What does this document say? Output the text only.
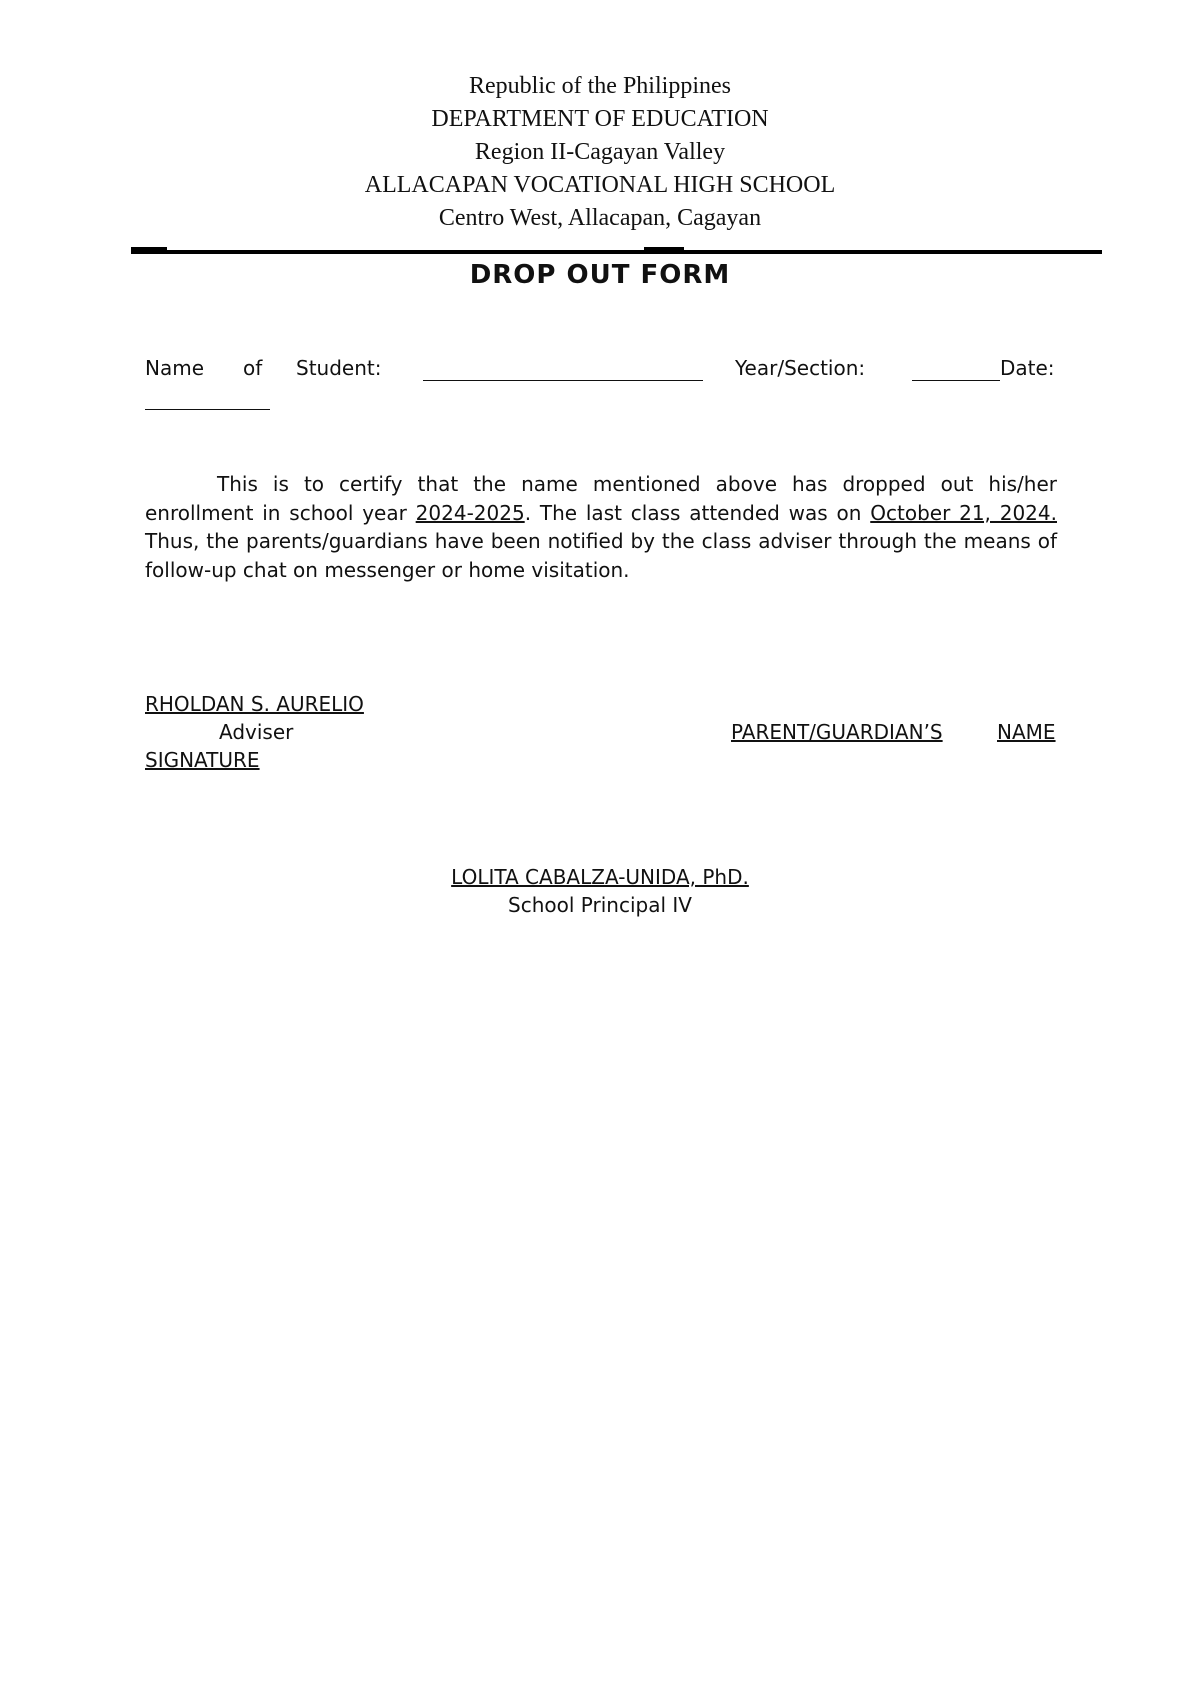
Republic of the Philippines
DEPARTMENT OF EDUCATION
Region II-Cagayan Valley
ALLACAPAN VOCATIONAL HIGH SCHOOL
Centro West, Allacapan, Cagayan
DROP OUT FORM
Name of Student:	Year/Section:	Date:
This is to certify that the name mentioned above has dropped out his/her enrollment in school year 2024-2025. The last class attended was on October 21, 2024. Thus, the parents/guardians have been notified by the class adviser through the means of follow-up chat on messenger or home visitation.
RHOLDAN S. AURELIO
Adviser	PARENT/GUARDIAN’S	NAME
SIGNATURE
LOLITA CABALZA-UNIDA, PhD.
School Principal IV
